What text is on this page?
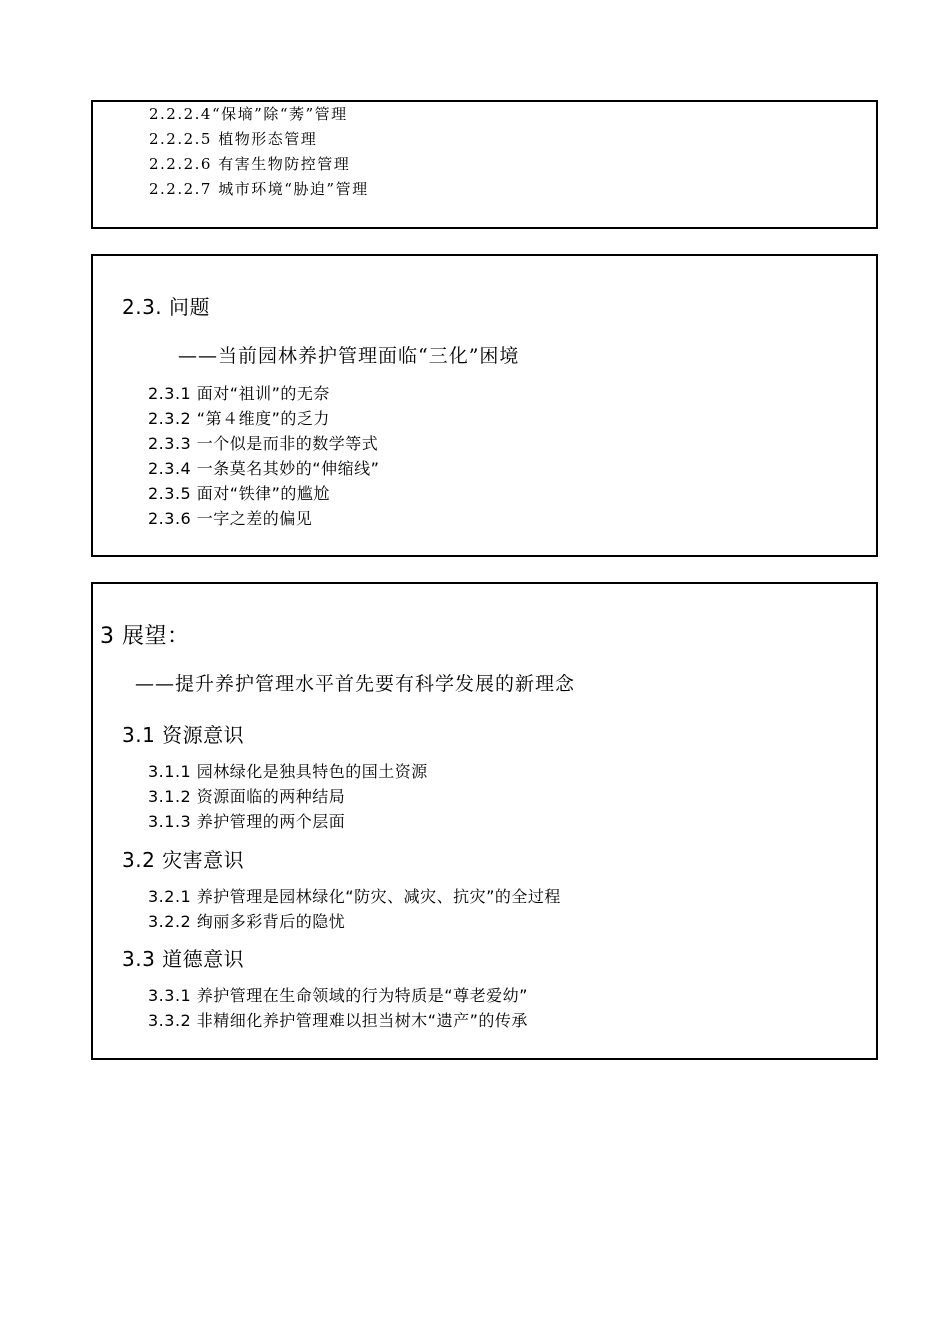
2.2.2.4“保墒”除“莠”管理
2.2.2.5 植物形态管理
2.2.2.6 有害生物防控管理
2.2.2.7 城市环境“胁迫”管理
2.3. 问题
——当前园林养护管理面临“三化”困境
2.3.1 面对“祖训”的无奈
2.3.2 “第４维度”的乏力
2.3.3 一个似是而非的数学等式
2.3.4 一条莫名其妙的“伸缩线”
2.3.5 面对“铁律”的尴尬
2.3.6 一字之差的偏见
3 展望：
——提升养护管理水平首先要有科学发展的新理念
3.1 资源意识
3.1.1 园林绿化是独具特色的国土资源
3.1.2 资源面临的两种结局
3.1.3 养护管理的两个层面
3.2 灾害意识
3.2.1 养护管理是园林绿化“防灾、减灾、抗灾”的全过程
3.2.2 绚丽多彩背后的隐忧
3.3 道德意识
3.3.1 养护管理在生命领域的行为特质是“尊老爱幼”
3.3.2 非精细化养护管理难以担当树木“遗产”的传承
